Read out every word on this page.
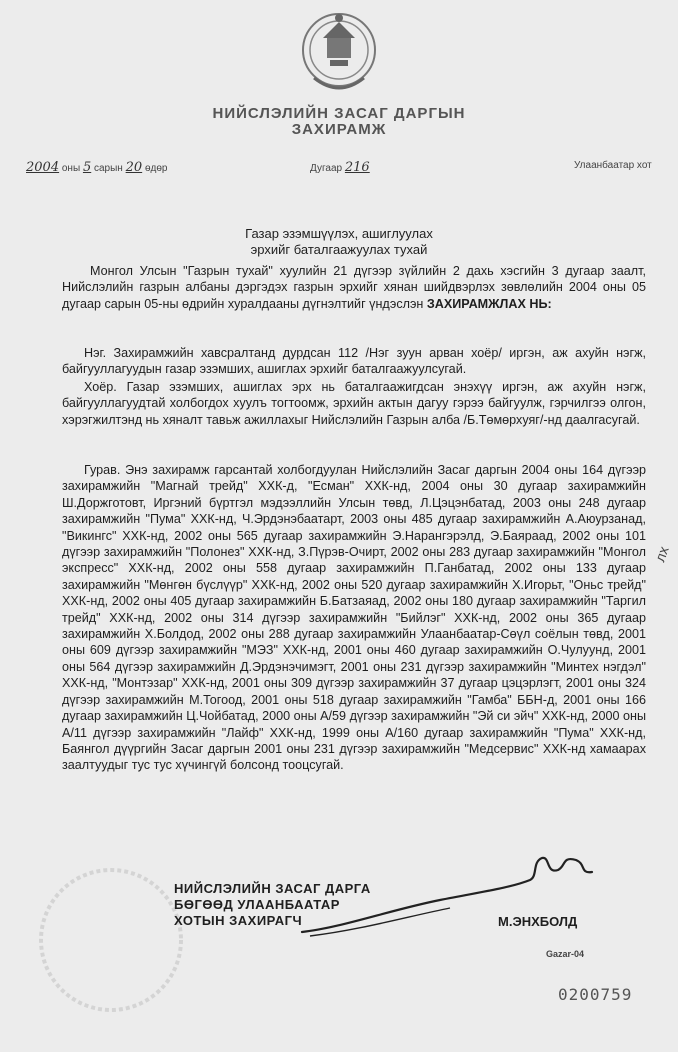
НИЙСЛЭЛИЙН ЗАСАГ ДАРГЫН
ЗАХИРАМЖ
2004 оны 5 сарын 20 өдөр	Дугаар 216	Улаанбаатар хот
Газар эзэмшүүлэх, ашиглуулах
эрхийг баталгаажуулах тухай
Монгол Улсын "Газрын тухай" хуулийн 21 дүгээр зүйлийн 2 дахь хэсгийн 3 дугаар заалт, Нийслэлийн газрын албаны дэргэдэх газрын эрхийг хянан шийдвэрлэх зөвлөлийн 2004 оны 05 дугаар сарын 05-ны өдрийн хуралдааны дүгнэлтийг үндэслэн ЗАХИРАМЖЛАХ НЬ:
Нэг. Захирамжийн хавсралтанд дурдсан 112 /Нэг зуун арван хоёр/ иргэн, аж ахуйн нэгж, байгууллагуудын газар эзэмших, ашиглах эрхийг баталгаажуулсугай.
Хоёр. Газар эзэмших, ашиглах эрх нь баталгаажигдсан энэхүү иргэн, аж ахуйн нэгж, байгууллагуудтай холбогдох хуулъ тогтоомж, эрхийн актын дагуу гэрээ байгуулж, гэрчилгээ олгон, хэрэгжилтэнд нь хяналт тавьж ажиллахыг Нийслэлийн Газрын алба /Б.Төмөрхуяг/-нд даалгасугай.
Гурав. Энэ захирамж гарсантай холбогдуулан Нийслэлийн Засаг даргын 2004 оны 164 дүгээр захирамжийн "Магнай трейд" ХХК-д, "Есман" ХХК-нд, 2004 оны 30 дугаар захирамжийн Ш.Доржготовт, Иргэний бүртгэл мэдээллийн Улсын төвд, Л.Цэцэнбатад, 2003 оны 248 дугаар захирамжийн "Пума" ХХК-нд, Ч.Эрдэнэбаатарт, 2003 оны 485 дугаар захирамжийн А.Аюурзанад, "Викингс" ХХК-нд, 2002 оны 565 дугаар захирамжийн Э.Нарангэрэлд, Э.Баяраад, 2002 оны 101 дүгээр захирамжийн "Полонез" ХХК-нд, З.Пүрэв-Очирт, 2002 оны 283 дугаар захирамжийн "Монгол экспресс" ХХК-нд, 2002 оны 558 дугаар захирамжийн П.Ганбатад, 2002 оны 133 дугаар захирамжийн "Мөнгөн бүслүүр" ХХК-нд, 2002 оны 520 дугаар захирамжийн Х.Игорьт, "Оньс трейд" ХХК-нд, 2002 оны 405 дугаар захирамжийн Б.Батзаяад, 2002 оны 180 дугаар захирамжийн "Таргил трейд" ХХК-нд, 2002 оны 314 дүгээр захирамжийн "Бийлэг" ХХК-нд, 2002 оны 365 дугаар захирамжийн Х.Болдод, 2002 оны 288 дугаар захирамжийн Улаанбаатар-Сөүл соёлын төвд, 2001 оны 609 дүгээр захирамжийн "МЭЗ" ХХК-нд, 2001 оны 460 дугаар захирамжийн О.Чулуунд, 2001 оны 564 дүгээр захирамжийн Д.Эрдэнэчимэгт, 2001 оны 231 дүгээр захирамжийн "Минтех нэгдэл" ХХК-нд, "Монтэзар" ХХК-нд, 2001 оны 309 дүгээр захирамжийн 37 дугаар цэцэрлэгт, 2001 оны 324 дүгээр захирамжийн М.Тогоод, 2001 оны 518 дугаар захирамжийн "Гамба" ББН-д, 2001 оны 166 дугаар захирамжийн Ц.Чойбатад, 2000 оны А/59 дүгээр захирамжийн "Эй си эйч" ХХК-нд, 2000 оны А/11 дүгээр захирамжийн "Лайф" ХХК-нд, 1999 оны А/160 дугаар захирамжийн "Пума" ХХК-нд, Баянгол дүүргийн Засаг даргын 2001 оны 231 дүгээр захирамжийн "Медсервис" ХХК-нд хамаарах заалтуудыг тус тус хүчингүй болсонд тооцсугай.
лх
НИЙСЛЭЛИЙН ЗАСАГ ДАРГА
БӨГӨӨД УЛААНБААТАР
ХОТЫН ЗАХИРАГЧ	М.ЭНХБОЛД
Gazar-04
0200759
